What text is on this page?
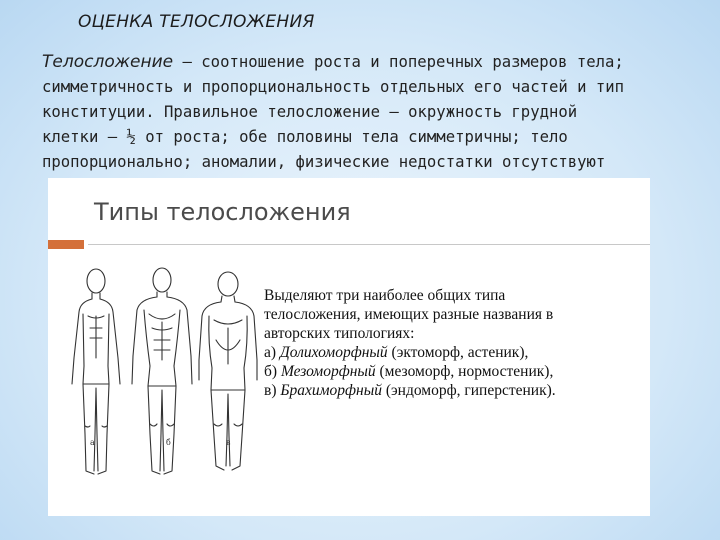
ОЦЕНКА ТЕЛОСЛОЖЕНИЯ
Телосложение – соотношение роста и поперечных размеров тела;
симметричность и пропорциональность отдельных его частей и тип
конституции. Правильное телосложение – окружность грудной
клетки – ½ от роста; обе половины тела симметричны; тело
пропорционально; аномалии, физические недостатки отсутствуют
Типы телосложения
а	б	в
Выделяют три наиболее общих типа
телосложения, имеющих разные названия в
авторских типологиях:
а) Долихоморфный (эктоморф, астеник),
б) Мезоморфный (мезоморф, нормостеник),
в) Брахиморфный (эндоморф, гиперстеник).
